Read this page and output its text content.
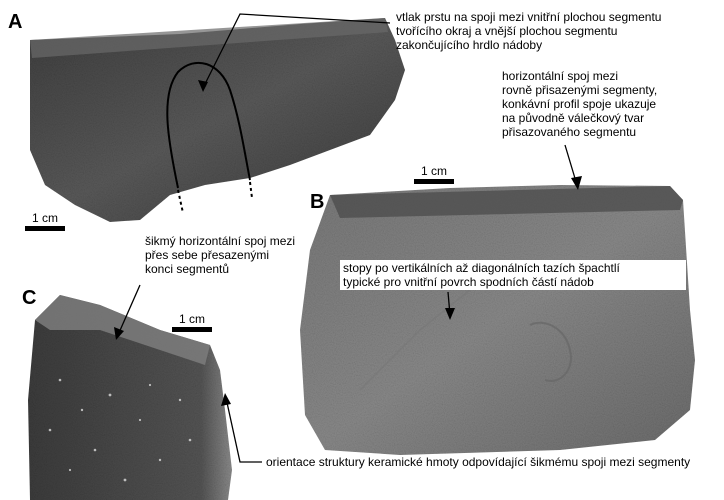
A
B
C
vtlak prstu na spoji mezi vnitřní plochou segmentu
tvořícího okraj a vnější plochou segmentu
zakončujícího hrdlo nádoby
horizontální spoj mezi
rovně přisazenými segmenty,
konkávní profil spoje ukazuje
na původně válečkový tvar
přisazovaného segmentu
stopy po vertikálních až diagonálních tazích špachtlí
typické pro vnitřní povrch spodních částí nádob
šikmý horizontální spoj mezi
přes sebe přesazenými
konci segmentů
orientace struktury keramické hmoty odpovídající šikmému spoji mezi segmenty
1 cm
1 cm
1 cm
